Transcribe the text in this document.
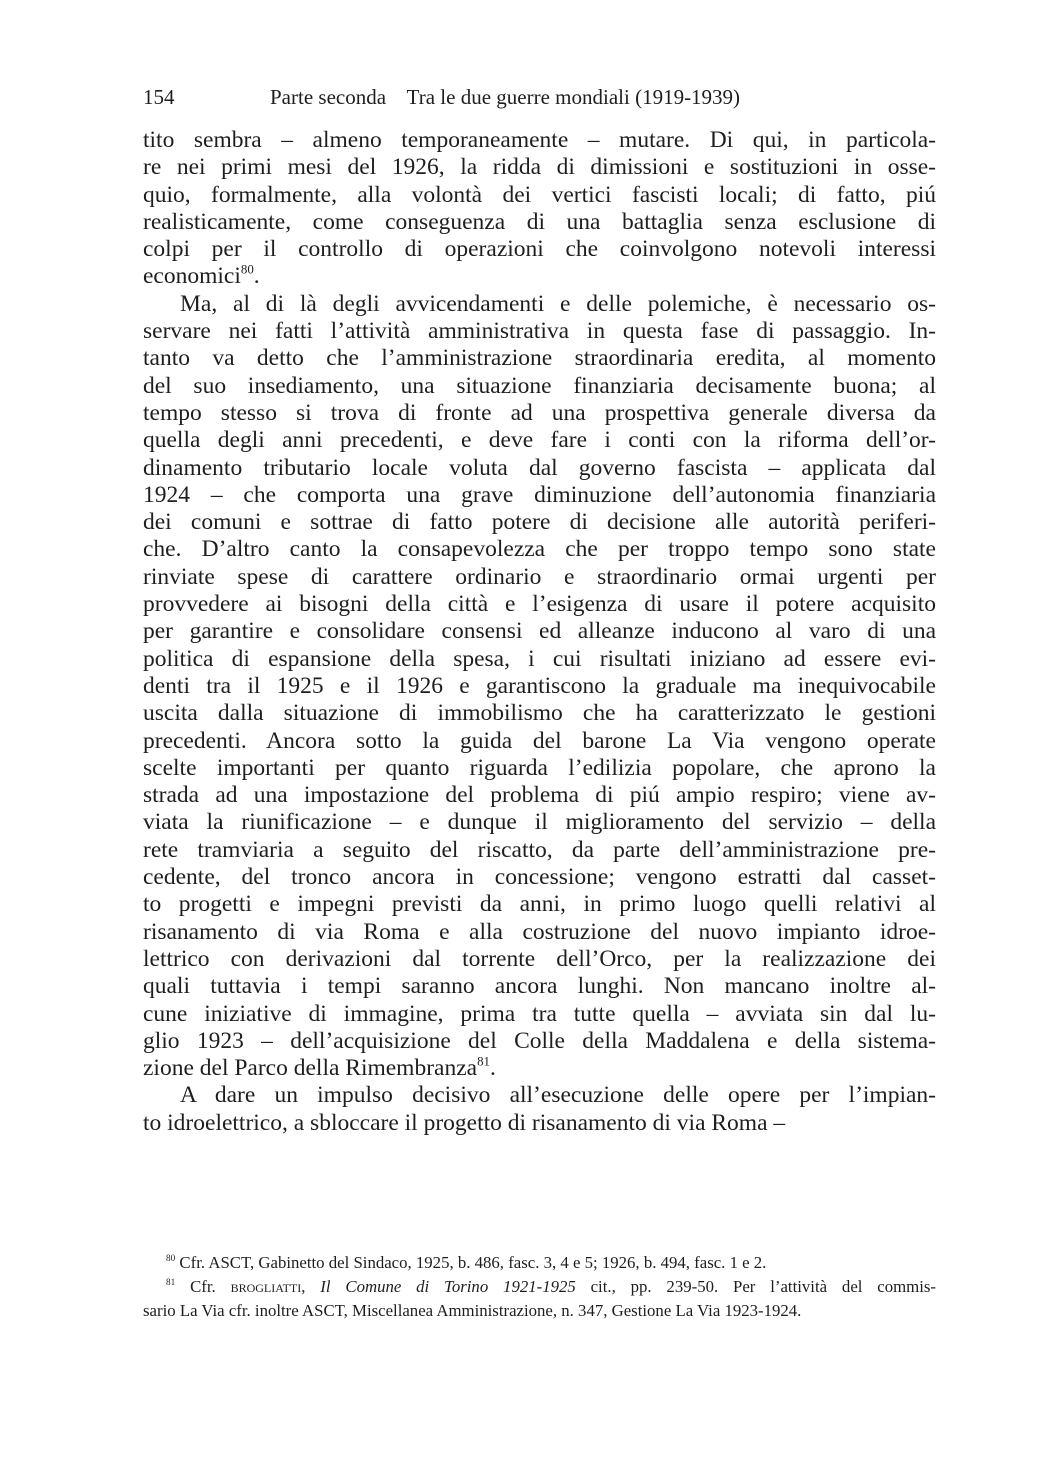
154	Parte seconda    Tra le due guerre mondiali (1919-1939)
tito sembra – almeno temporaneamente – mutare. Di qui, in particola-
re nei primi mesi del 1926, la ridda di dimissioni e sostituzioni in osse-
quio, formalmente, alla volontà dei vertici fascisti locali; di fatto, piú
realisticamente, come conseguenza di una battaglia senza esclusione di
colpi per il controllo di operazioni che coinvolgono notevoli interessi
economici$^{80}$.
Ma, al di là degli avvicendamenti e delle polemiche, è necessario os-
servare nei fatti l’attività amministrativa in questa fase di passaggio. In-
tanto va detto che l’amministrazione straordinaria eredita, al momento
del suo insediamento, una situazione finanziaria decisamente buona; al
tempo stesso si trova di fronte ad una prospettiva generale diversa da
quella degli anni precedenti, e deve fare i conti con la riforma dell’or-
dinamento tributario locale voluta dal governo fascista – applicata dal
1924 – che comporta una grave diminuzione dell’autonomia finanziaria
dei comuni e sottrae di fatto potere di decisione alle autorità periferi-
che. D’altro canto la consapevolezza che per troppo tempo sono state
rinviate spese di carattere ordinario e straordinario ormai urgenti per
provvedere ai bisogni della città e l’esigenza di usare il potere acquisito
per garantire e consolidare consensi ed alleanze inducono al varo di una
politica di espansione della spesa, i cui risultati iniziano ad essere evi-
denti tra il 1925 e il 1926 e garantiscono la graduale ma inequivocabile
uscita dalla situazione di immobilismo che ha caratterizzato le gestioni
precedenti. Ancora sotto la guida del barone La Via vengono operate
scelte importanti per quanto riguarda l’edilizia popolare, che aprono la
strada ad una impostazione del problema di piú ampio respiro; viene av-
viata la riunificazione – e dunque il miglioramento del servizio – della
rete tramviaria a seguito del riscatto, da parte dell’amministrazione pre-
cedente, del tronco ancora in concessione; vengono estratti dal casset-
to progetti e impegni previsti da anni, in primo luogo quelli relativi al
risanamento di via Roma e alla costruzione del nuovo impianto idroe-
lettrico con derivazioni dal torrente dell’Orco, per la realizzazione dei
quali tuttavia i tempi saranno ancora lunghi. Non mancano inoltre al-
cune iniziative di immagine, prima tra tutte quella – avviata sin dal lu-
glio 1923 – dell’acquisizione del Colle della Maddalena e della sistema-
zione del Parco della Rimembranza$^{81}$.
A dare un impulso decisivo all’esecuzione delle opere per l’impian-
to idroelettrico, a sbloccare il progetto di risanamento di via Roma –
$^{80}$ Cfr. ASCT, Gabinetto del Sindaco, 1925, b. 486, fasc. 3, 4 e 5; 1926, b. 494, fasc. 1 e 2.
$^{81}$ Cfr. brogliatti, Il Comune di Torino 1921-1925 cit., pp. 239-50. Per l’attività del commis-
sario La Via cfr. inoltre ASCT, Miscellanea Amministrazione, n. 347, Gestione La Via 1923-1924.
